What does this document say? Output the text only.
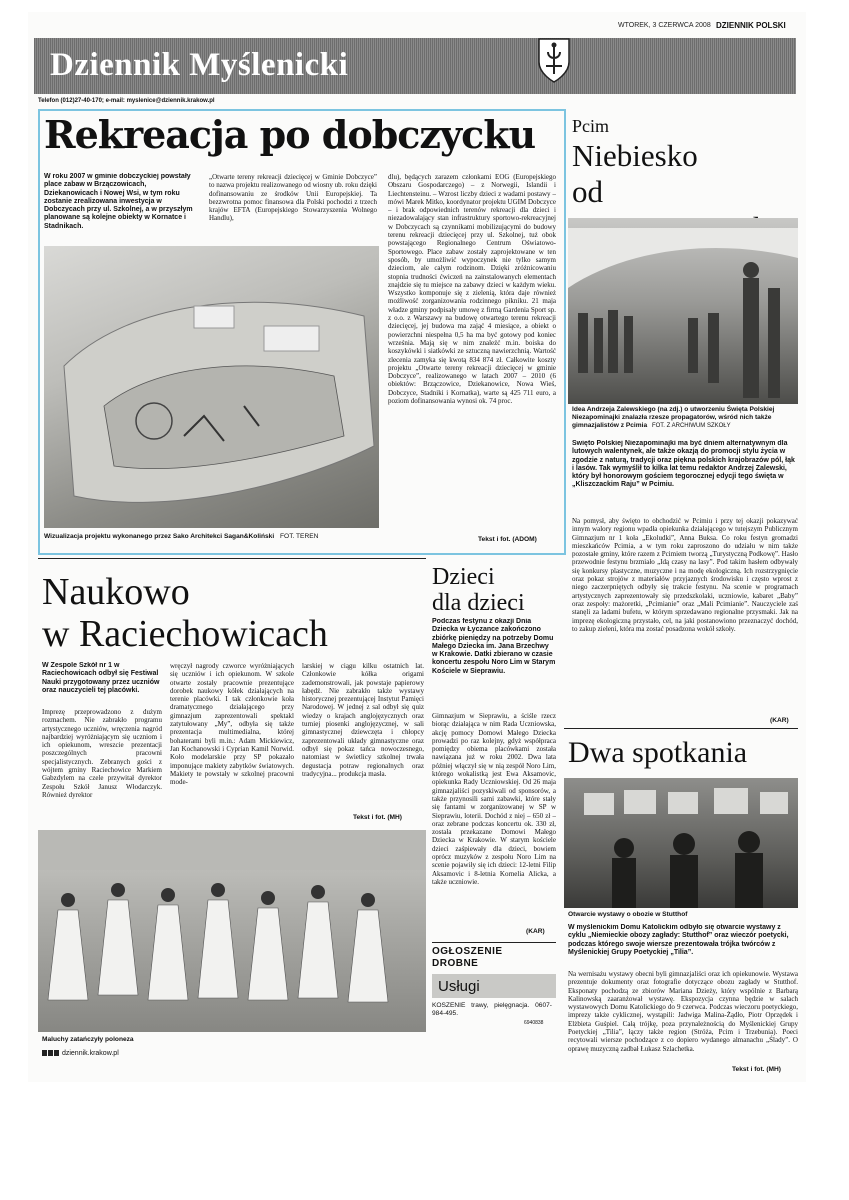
WTOREK, 3 CZERWCA 2008 DZIENNIK POLSKI
Dziennik Myślenicki
Telefon (012)27-40-170; e-mail: myslenice@dziennik.krakow.pl
Rekreacja po dobczycku
W roku 2007 w gminie dobczyckiej powstały place zabaw w Brzączowicach, Dziekanowicach i Nowej Wsi, w tym roku zostanie zrealizowana inwestycja w Dobczycach przy ul. Szkolnej, a w przyszłym planowane są kolejne obiekty w Kornatce i Stadnikach.
„Otwarte tereny rekreacji dziecięcej w Gminie Dobczyce” to nazwa projektu realizowanego od wiosny ub. roku dzięki dofinansowaniu ze środków Unii Europejskiej. Ta bezzwrotna pomoc finansowa dla Polski pochodzi z trzech krajów EFTA (Europejskiego Stowarzyszenia Wolnego Handlu),
dlu), będących zarazem członkami EOG (Europejskiego Obszaru Gospodarczego) – z Norwegii, Islandii i Liechtensteinu. – Wzrost liczby dzieci z wadami postawy – mówi Marek Mitko, koordynator projektu UGIM Dobczyce – i brak odpowiednich terenów rekreacji dla dzieci i niezadowalający stan infrastruktury sportowo-rekreacyjnej w Dobczycach są czynnikami mobilizującymi do budowy terenu rekreacji dziecięcej przy ul. Szkolnej, tuż obok powstającego Regionalnego Centrum Oświatowo-Sportowego. Place zabaw zostały zaprojektowane w ten sposób, by umożliwić wypoczynek nie tylko samym dzieciom, ale całym rodzinom. Dzięki zróżnicowaniu stopnia trudności ćwiczeń na zainstalowanych elementach znajdzie się tu miejsce na zabawy dzieci w każdym wieku. Wszystko komponuje się z zielenią, która daje również możliwość zorganizowania rodzinnego pikniku. 21 maja władze gminy podpisały umowę z firmą Gardenia Sport sp. z o.o. z Warszawy na budowę otwartego terenu rekreacji dziecięcej, jej budowa ma zająć 4 miesiące, a obiekt o powierzchni niespełna 0,5 ha ma być gotowy pod koniec września. Mają się w nim znaleźć m.in. boiska do koszykówki i siatkówki ze sztuczną nawierzchnią. Wartość zlecenia zamyka się kwotą 834 874 zł. Całkowite koszty projektu „Otwarte tereny rekreacji dziecięcej w gminie Dobczyce”, realizowanego w latach 2007 – 2010 (6 obiektów: Brzączowice, Dziekanowice, Nowa Wieś, Dobczyce, Stadniki i Kornatka), warte są 425 711 euro, a poziom dofinansowania wynosi ok. 74 proc.
Wizualizacja projektu wykonanego przez Sako Architekci Sagan&Koliński FOT. TEREN	Tekst i fot. (ADOM)
Pcim
Niebiesko
od
Idea Andrzeja Zalewskiego (na zdj.) o utworzeniu Święta Polskiej Niezapominajki znalazła rzesze propagatorów, wśród nich także gimnazjalistów z Pcimia FOT. Z ARCHIWUM SZKOŁY
Święto Polskiej Niezapominajki ma być dniem alternatywnym dla lutowych walentynek, ale także okazją do promocji stylu życia w zgodzie z naturą, tradycji oraz piękna polskich krajobrazów pól, łąk i lasów. Tak wymyślił to kilka lat temu redaktor Andrzej Zalewski, który był honorowym gościem tegorocznej edycji tego święta w „Kliszczackim Raju” w Pcimiu.
Na pomysł, aby święto to obchodzić w Pcimiu i przy tej okazji pokazywać innym walory regionu wpadła opiekunka działającego w tutejszym Publicznym Gimnazjum nr 1 koła „Ekoludki”, Anna Buksa. Co roku festyn gromadzi mieszkańców Pcimia, a w tym roku zaproszono do udziału w nim także pozostałe gminy, które razem z Pcimiem tworzą „Turystyczną Podkowę”. Hasło przewodnie festynu brzmiało „Idą czasy na lasy”. Pod takim hasłem odbywały się konkursy plastyczne, muzyczne i na modę ekologiczną. Ich rozstrzygnięcie oraz pokaz strojów z materiałów przyjaznych środowisku i często wprost z niego zaczerpniętych odbyły się trakcie festynu. Na scenie w programach artystycznych zaprezentowały się przedszkolaki, uczniowie, kabaret „Baby” oraz zespoły: mażoretki, „Pcimianie” oraz „Mali Pcimianie”. Nauczyciele zaś stanęli za ladami bufetu, w którym sprzedawano regionalne przysmaki. Jak na imprezę ekologiczną przystało, cel, na jaki postanowiono przeznaczyć dochód, to zakup zieleni, która ma zostać posadzona wokół szkoły.
(KAR)
Naukowo
w Raciechowicach
W Zespole Szkół nr 1 w Raciechowicach odbył się Festiwal Nauki przygotowany przez uczniów oraz nauczycieli tej placówki.
Imprezę przeprowadzono z dużym rozmachem. Nie zabrakło programu artystycznego uczniów, wręczenia nagród najbardziej wyróżniającym się uczniom i ich opiekunom, wreszcie prezentacji poszczególnych pracowni specjalistycznych. Zebranych gości z wójtem gminy Raciechowice Markiem Gabzdylem na czele przywitał dyrektor Zespołu Szkół Janusz Włodarczyk. Również dyrektor
wręczył nagrody czworce wyróżniających się uczniów i ich opiekunom. W szkole otwarte zostały pracownie prezentujące dorobek naukowy kółek działających na terenie placówki. I tak członkowie koła dramatycznego działającego przy gimnazjum zaprezentowali spektakl zatytułowany „My”, odbyła się także prezentacja multimedialna, której bohaterami byli m.in.: Adam Mickiewicz, Jan Kochanowski i Cyprian Kamil Norwid. Koło modelarskie przy SP pokazało imponujące makiety zabytków światowych. Makiety te powstały w szkolnej pracowni mode-
larskiej w ciągu kilku ostatnich lat. Członkowie kółka origami zademonstrowali, jak powstaje papierowy łabędź. Nie zabrakło także wystawy historycznej prezentującej Instytut Pamięci Narodowej. W jednej z sal odbył się quiz wiedzy o krajach anglojęzycznych oraz turniej piosenki anglojęzycznej, w sali gimnastycznej dziewczęta i chłopcy zaprezentowali układy gimnastyczne oraz odbył się pokaz tańca nowoczesnego, natomiast w świetlicy szkolnej trwała degustacja potraw regionalnych oraz tradycyjna... produkcja masła.
Tekst i fot. (MH)
Maluchy zatańczyły poloneza
dziennik.krakow.pl
Dzieci
dla dzieci
Podczas festynu z okazji Dnia Dziecka w Łyczance zakończono zbiórkę pieniędzy na potrzeby Domu Małego Dziecka im. Jana Brzechwy w Krakowie. Datki zbierano w czasie koncertu zespołu Noro Lim w Starym Kościele w Sieprawiu.
Gimnazjum w Sieprawiu, a ściśle rzecz biorąc działająca w nim Rada Uczniowska, akcję pomocy Domowi Małego Dziecka prowadzi po raz kolejny, gdyż współpraca pomiędzy obiema placówkami została nawiązana już w roku 2002. Dwa lata później włączył się w nią zespół Noro Lim, którego wokalistką jest Ewa Aksamovic, opiekunka Rady Uczniowskiej. Od 26 maja gimnazjaliści pozyskiwali od sponsorów, a także przynosili sami zabawki, które stały się fantami w zorganizowanej w SP w Sieprawiu, loterii. Dochód z niej – 650 zł – oraz zebrane podczas koncertu ok. 330 zł, została przekazane Domowi Małego Dziecka w Krakowie. W starym kościele dzieci zaśpiewały dla dzieci, bowiem oprócz muzyków z zespołu Noro Lim na scenie pojawiły się ich dzieci: 12-letni Filip Aksamovic i 8-letnia Kornelia Alicka, a także uczniowie.
(KAR)
OGŁOSZENIE
DROBNE
Usługi
KOSZENIE trawy, pielęgnacja. 0607-984-495.
6940838
Dwa spotkania
Otwarcie wystawy o obozie w Stutthof
W myślenickim Domu Katolickim odbyło się otwarcie wystawy z cyklu „Niemieckie obozy zagłady: Stutthof” oraz wieczór poetycki, podczas którego swoje wiersze prezentowała trójka twórców z Myślenickiej Grupy Poetyckiej „Tilia”.
Na wernisażu wystawy obecni byli gimnazjaliści oraz ich opiekunowie. Wystawa prezentuje dokumenty oraz fotografie dotyczące obozu zagłady w Stutthof. Eksponaty pochodzą ze zbiorów Mariana Dzieży, który wspólnie z Barbarą Kalinowską zaaranżował wystawę. Ekspozycja czynna będzie w salach wystawowych Domu Katolickiego do 9 czerwca. Podczas wieczoru poetyckiego, imprezy także cyklicznej, wystąpili: Jadwiga Malina-Żądło, Piotr Oprzędek i Elżbieta Guśpiel. Całą trójkę, poza przynależnością do Myślenickiej Grupy Poetyckiej „Tilia”, łączy także region (Stróża, Pcim i Trzebunia). Poeci recytowali wiersze pochodzące z co dopiero wydanego almanachu „Ślady”. O oprawę muzyczną zadbał Łukasz Szlachetka.
Tekst i fot. (MH)
